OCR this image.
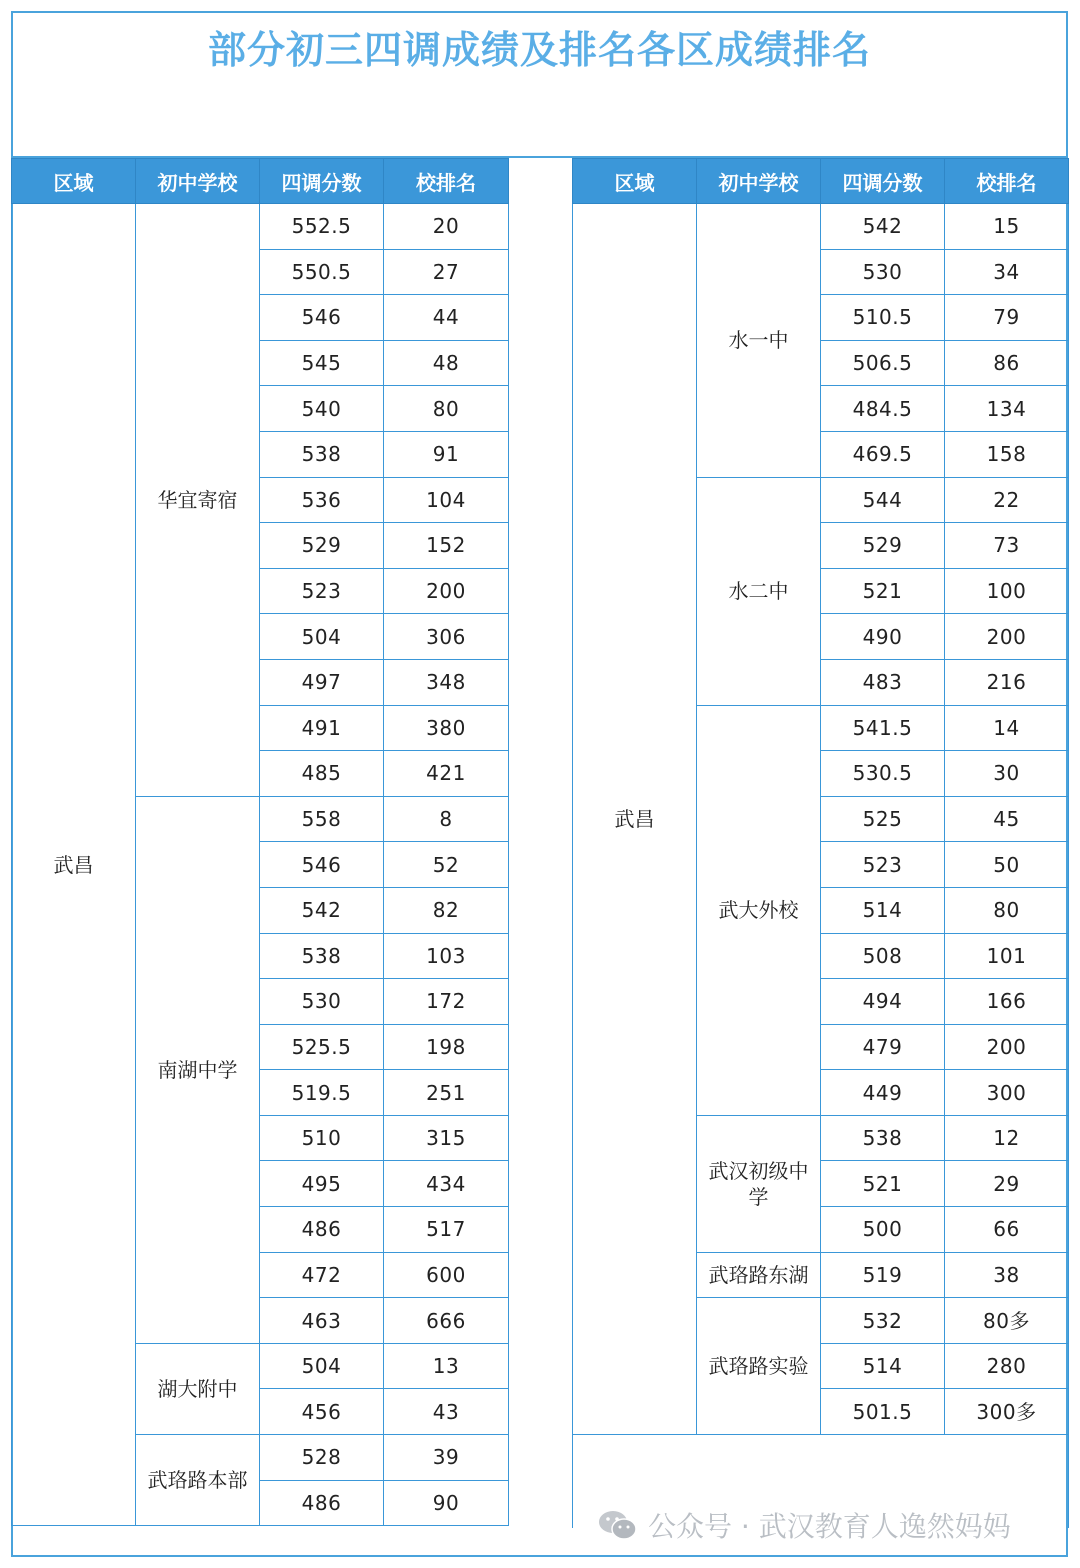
部分初三四调成绩及排名各区成绩排名
区域	初中学校	四调分数	校排名
武昌	华宜寄宿	552.5	20
		550.5	27
		546	44
		545	48
		540	80
		538	91
		536	104
		529	152
		523	200
		504	306
		497	348
		491	380
		485	421
	南湖中学	558	8
		546	52
		542	82
		538	103
		530	172
		525.5	198
		519.5	251
		510	315
		495	434
		486	517
		472	600
		463	666
	湖大附中	504	13
		456	43
	武珞路本部	528	39
		486	90
区域	初中学校	四调分数	校排名
武昌	水一中	542	15
		530	34
		510.5	79
		506.5	86
		484.5	134
		469.5	158
	水二中	544	22
		529	73
		521	100
		490	200
		483	216
	武大外校	541.5	14
		530.5	30
		525	45
		523	50
		514	80
		508	101
		494	166
		479	200
		449	300
	武汉初级中学	538	12
		521	29
		500	66
	武珞路东湖	519	38
	武珞路实验	532	80多
		514	280
		501.5	300多

公众号 · 武汉教育人逸然妈妈
